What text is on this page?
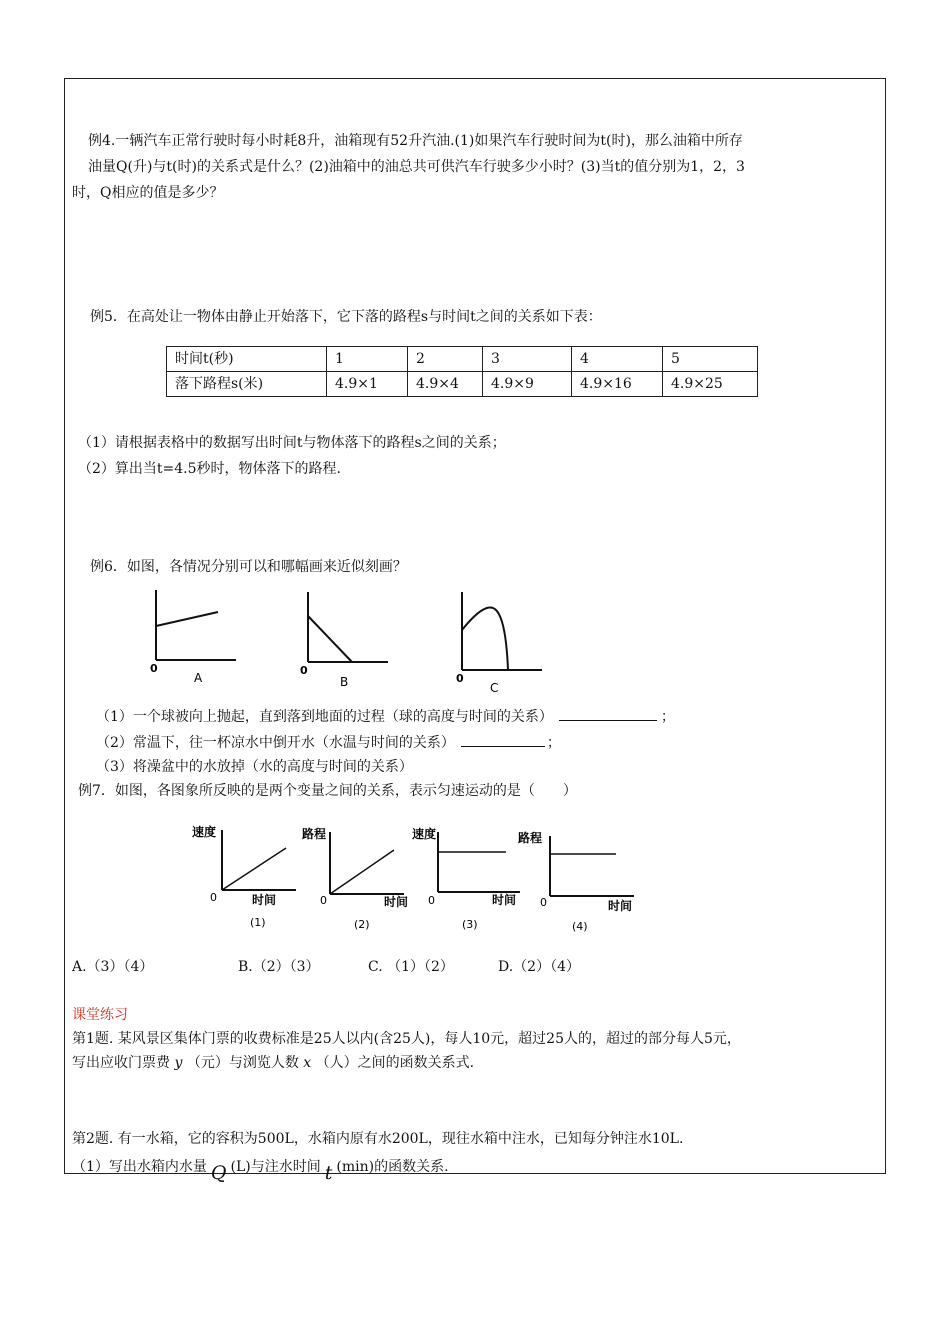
例4.一辆汽车正常行驶时每小时耗8升，油箱现有52升汽油.(1)如果汽车行驶时间为t(时)，那么油箱中所存
油量Q(升)与t(时)的关系式是什么？(2)油箱中的油总共可供汽车行驶多少小时？(3)当t的值分别为1，2，3
时，Q相应的值是多少？
例5．在高处让一物体由静止开始落下，它下落的路程s与时间t之间的关系如下表：
时间t(秒)	1	2	3	4	5
落下路程s(米)	4.9×1	4.9×4	4.9×9	4.9×16	4.9×25
（1）请根据表格中的数据写出时间t与物体落下的路程s之间的关系；
（2）算出当t=4.5秒时，物体落下的路程.
例6．如图，各情况分别可以和哪幅画来近似刻画？
0
A
0
B	0
C
（1）一个球被向上抛起，直到落到地面的过程（球的高度与时间的关系）	；
（2）常温下，往一杯凉水中倒开水（水温与时间的关系）	；
（3）将澡盆中的水放掉（水的高度与时间的关系）
例7．如图，各图象所反映的是两个变量之间的关系，表示匀速运动的是（　　）
速度
0	时间
(1)
路程
0	时间
(2)
速度
0	时间
(3)
路程
0	时间
(4)
A.（3）（4）	B.（2）（3）	C. （1）（2）	D.（2）（4）
课堂练习
第1题. 某风景区集体门票的收费标准是25人以内(含25人)，每人10元，超过25人的，超过的部分每人5元，
写出应收门票费 y （元）与浏览人数 x （人）之间的函数关系式.
第2题. 有一水箱，它的容积为500L，水箱内原有水200L，现往水箱中注水，已知每分钟注水10L.
（1）写出水箱内水量 Q (L)与注水时间 t (min)的函数关系.
